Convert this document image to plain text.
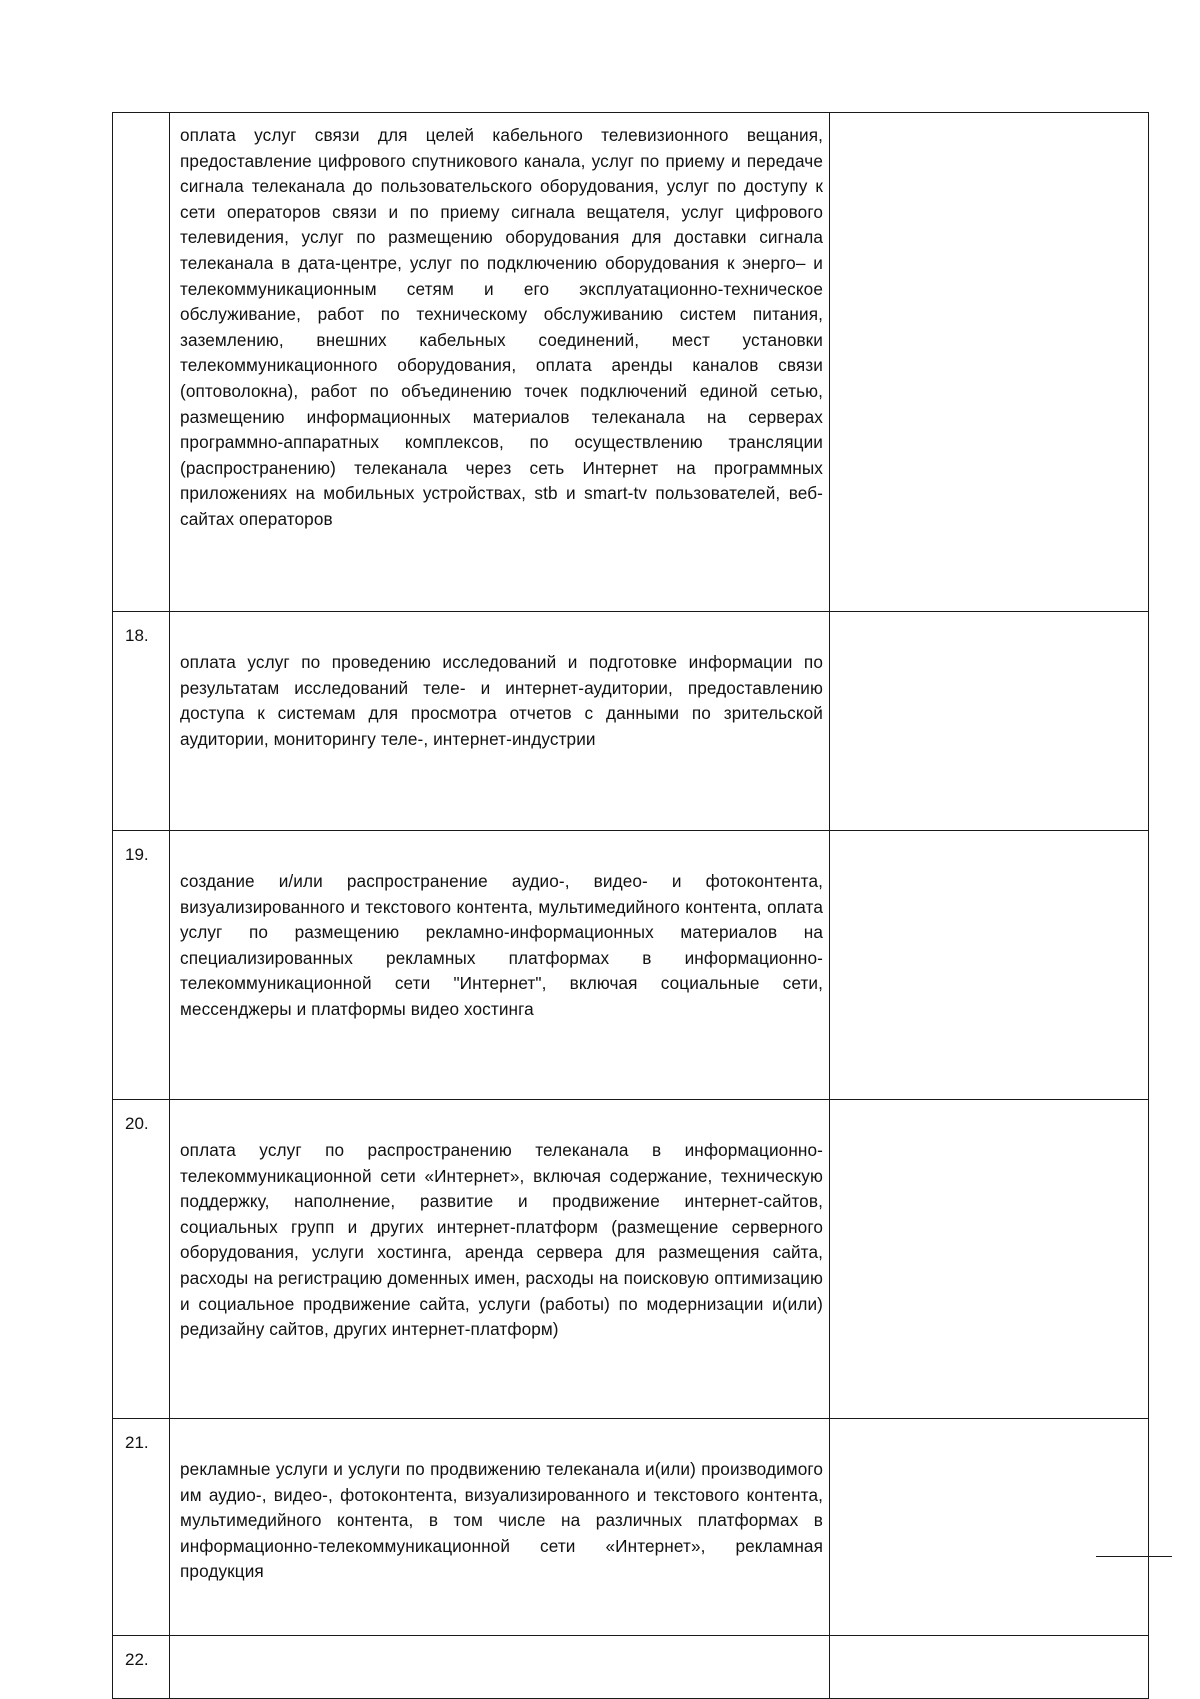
	оплата услуг связи для целей кабельного телевизионного вещания, предоставление цифрового спутникового канала, услуг по приему и передаче сигнала телеканала до пользовательского оборудования, услуг по доступу к сети операторов связи и по приему сигнала вещателя, услуг цифрового телевидения, услуг по размещению оборудования для доставки сигнала телеканала в дата-центре, услуг по подключению оборудования к энерго– и телекоммуникационным сетям и его эксплуатационно-техническое обслуживание, работ по техническому обслуживанию систем питания, заземлению, внешних кабельных соединений, мест установки телекоммуникационного оборудования, оплата аренды каналов связи (оптоволокна), работ по объединению точек подключений единой сетью, размещению информационных материалов телеканала на серверах программно-аппаратных комплексов, по осуществлению трансляции (распространению) телеканала через сеть Интернет на программных приложениях на мобильных устройствах, stb и smart-tv пользователей, веб-сайтах операторов	
18.	оплата услуг по проведению исследований и подготовке информации по результатам исследований теле- и интернет-аудитории, предоставлению доступа к системам для просмотра отчетов с данными по зрительской аудитории, мониторингу теле-, интернет-индустрии	
19.	создание и/или распространение аудио-, видео- и фотоконтента, визуализированного и текстового контента, мультимедийного контента, оплата услуг по размещению рекламно-информационных материалов на специализированных рекламных платформах в информационно-телекоммуникационной сети "Интернет", включая социальные сети, мессенджеры и платформы видео хостинга	
20.	оплата услуг по распространению телеканала в информационно-телекоммуникационной сети «Интернет», включая содержание, техническую поддержку, наполнение, развитие и продвижение интернет-сайтов, социальных групп и других интернет-платформ (размещение серверного оборудования, услуги хостинга, аренда сервера для размещения сайта, расходы на регистрацию доменных имен, расходы на поисковую оптимизацию и социальное продвижение сайта, услуги (работы) по модернизации и(или) редизайну сайтов, других интернет-платформ)	
21.	рекламные услуги и услуги по продвижению телеканала и(или) производимого им аудио-, видео-, фотоконтента, визуализированного и текстового контента, мультимедийного контента, в том числе на различных платформах в информационно-телекоммуникационной сети «Интернет», рекламная продукция	
22.		
